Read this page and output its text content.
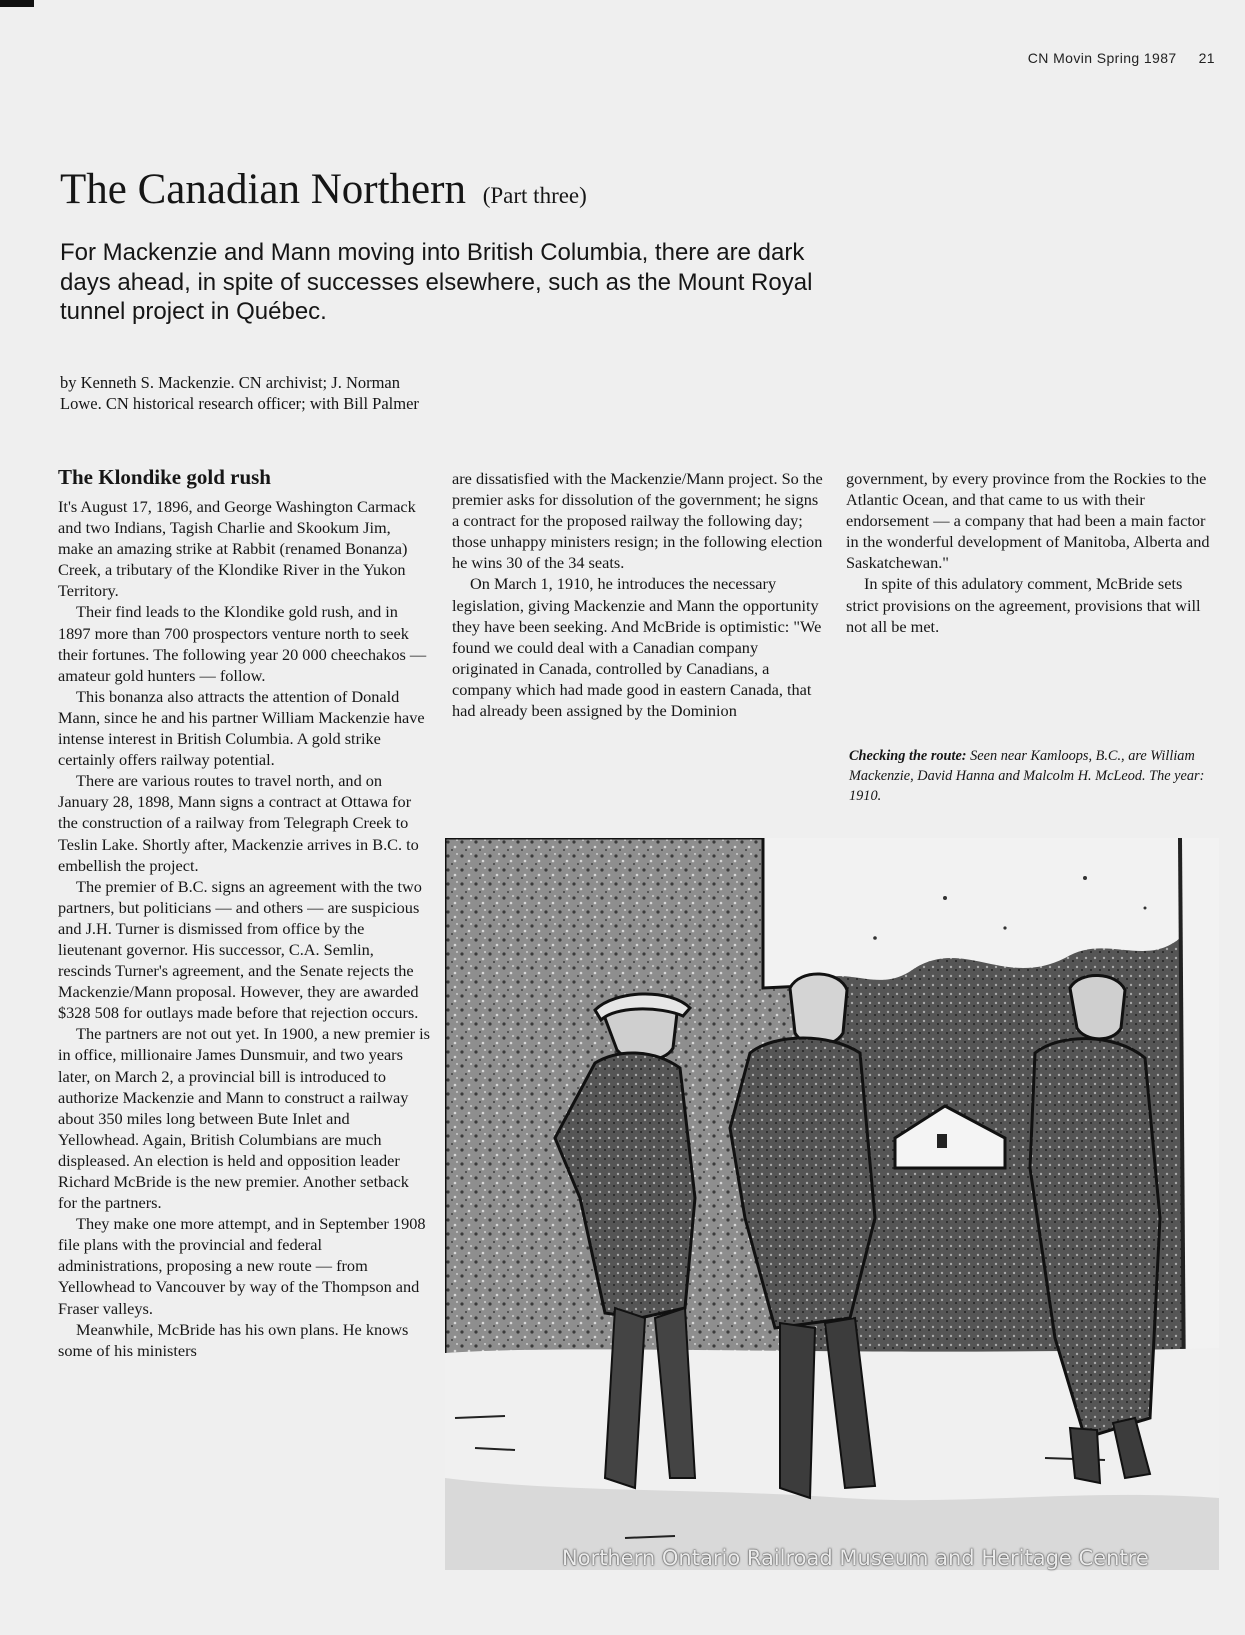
CN Movin Spring 1987 21
The Canadian Northern (Part three)
For Mackenzie and Mann moving into British Columbia, there are dark days ahead, in spite of successes elsewhere, such as the Mount Royal tunnel project in Québec.
by Kenneth S. Mackenzie. CN archivist; J. Norman Lowe. CN historical research officer; with Bill Palmer
The Klondike gold rush

It's August 17, 1896, and George Washington Carmack and two Indians, Tagish Charlie and Skookum Jim, make an amazing strike at Rabbit (renamed Bonanza) Creek, a tributary of the Klondike River in the Yukon Territory.

Their find leads to the Klondike gold rush, and in 1897 more than 700 prospectors venture north to seek their fortunes. The following year 20 000 cheechakos — amateur gold hunters — follow.

This bonanza also attracts the attention of Donald Mann, since he and his partner William Mackenzie have intense interest in British Columbia. A gold strike certainly offers railway potential.

There are various routes to travel north, and on January 28, 1898, Mann signs a contract at Ottawa for the construction of a railway from Telegraph Creek to Teslin Lake. Shortly after, Mackenzie arrives in B.C. to embellish the project.

The premier of B.C. signs an agreement with the two partners, but politicians — and others — are suspicious and J.H. Turner is dismissed from office by the lieutenant governor. His successor, C.A. Semlin, rescinds Turner's agreement, and the Senate rejects the Mackenzie/Mann proposal. However, they are awarded $328 508 for outlays made before that rejection occurs.

The partners are not out yet. In 1900, a new premier is in office, millionaire James Dunsmuir, and two years later, on March 2, a provincial bill is introduced to authorize Mackenzie and Mann to construct a railway about 350 miles long between Bute Inlet and Yellowhead. Again, British Columbians are much displeased. An election is held and opposition leader Richard McBride is the new premier. Another setback for the partners.

They make one more attempt, and in September 1908 file plans with the provincial and federal administrations, proposing a new route — from Yellowhead to Vancouver by way of the Thompson and Fraser valleys.

Meanwhile, McBride has his own plans. He knows some of his ministers

are dissatisfied with the Mackenzie/Mann project. So the premier asks for dissolution of the government; he signs a contract for the proposed railway the following day; those unhappy ministers resign; in the following election he wins 30 of the 34 seats.

On March 1, 1910, he introduces the necessary legislation, giving Mackenzie and Mann the opportunity they have been seeking. And McBride is optimistic: "We found we could deal with a Canadian company originated in Canada, controlled by Canadians, a company which had made good in eastern Canada, that had already been assigned by the Dominion

government, by every province from the Rockies to the Atlantic Ocean, and that came to us with their endorsement — a company that had been a main factor in the wonderful development of Manitoba, Alberta and Saskatchewan."

In spite of this adulatory comment, McBride sets strict provisions on the agreement, provisions that will not all be met.

Checking the route: Seen near Kamloops, B.C., are William Mackenzie, David Hanna and Malcolm H. McLeod. The year: 1910.
Northern Ontario Railroad Museum and Heritage Centre
